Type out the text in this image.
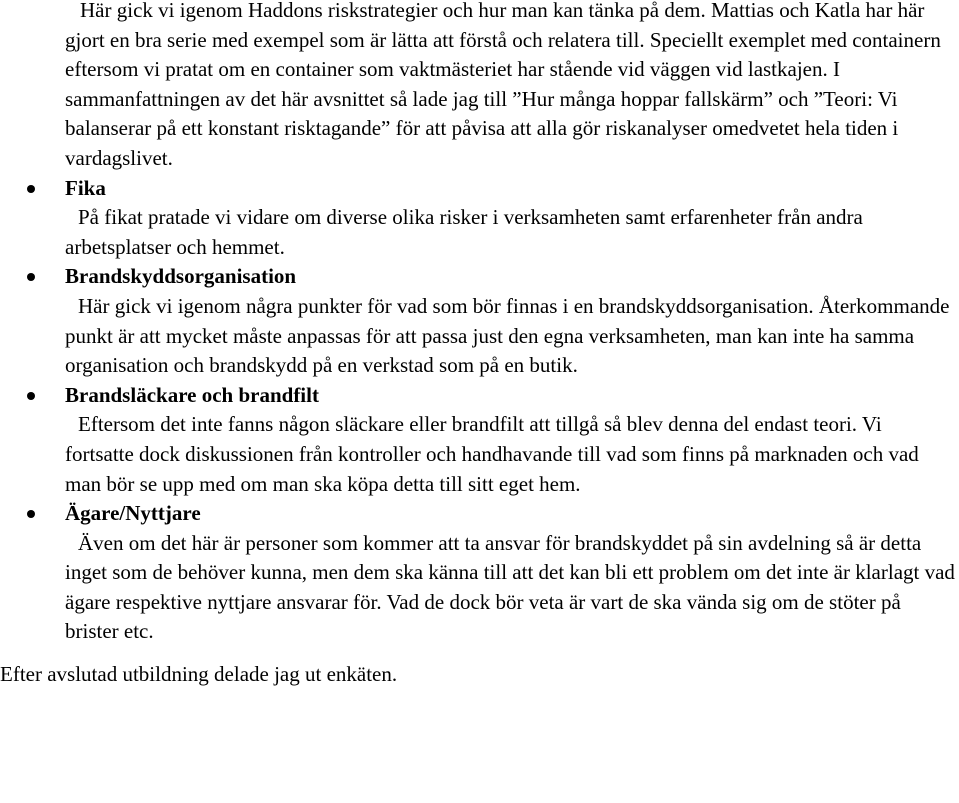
Här gick vi igenom Haddons riskstrategier och hur man kan tänka på dem. Mattias och Katla har här gjort en bra serie med exempel som är lätta att förstå och relatera till. Speciellt exemplet med containern eftersom vi pratat om en container som vaktmästeriet har stående vid väggen vid lastkajen. I sammanfattningen av det här avsnittet så lade jag till ”Hur många hoppar fallskärm” och ”Teori: Vi balanserar på ett konstant risktagande” för att påvisa att alla gör riskanalyser omedvetet hela tiden i vardagslivet.

Fika
På fikat pratade vi vidare om diverse olika risker i verksamheten samt erfarenheter från andra arbetsplatser och hemmet.
Brandskyddsorganisation
Här gick vi igenom några punkter för vad som bör finnas i en brandskyddsorganisation. Återkommande punkt är att mycket måste anpassas för att passa just den egna verksamheten, man kan inte ha samma organisation och brandskydd på en verkstad som på en butik.
Brandsläckare och brandfilt
Eftersom det inte fanns någon släckare eller brandfilt att tillgå så blev denna del endast teori. Vi fortsatte dock diskussionen från kontroller och handhavande till vad som finns på marknaden och vad man bör se upp med om man ska köpa detta till sitt eget hem.
Ägare/Nyttjare
Även om det här är personer som kommer att ta ansvar för brandskyddet på sin avdelning så är detta inget som de behöver kunna, men dem ska känna till att det kan bli ett problem om det inte är klarlagt vad ägare respektive nyttjare ansvarar för. Vad de dock bör veta är vart de ska vända sig om de stöter på brister etc.

Efter avslutad utbildning delade jag ut enkäten.
